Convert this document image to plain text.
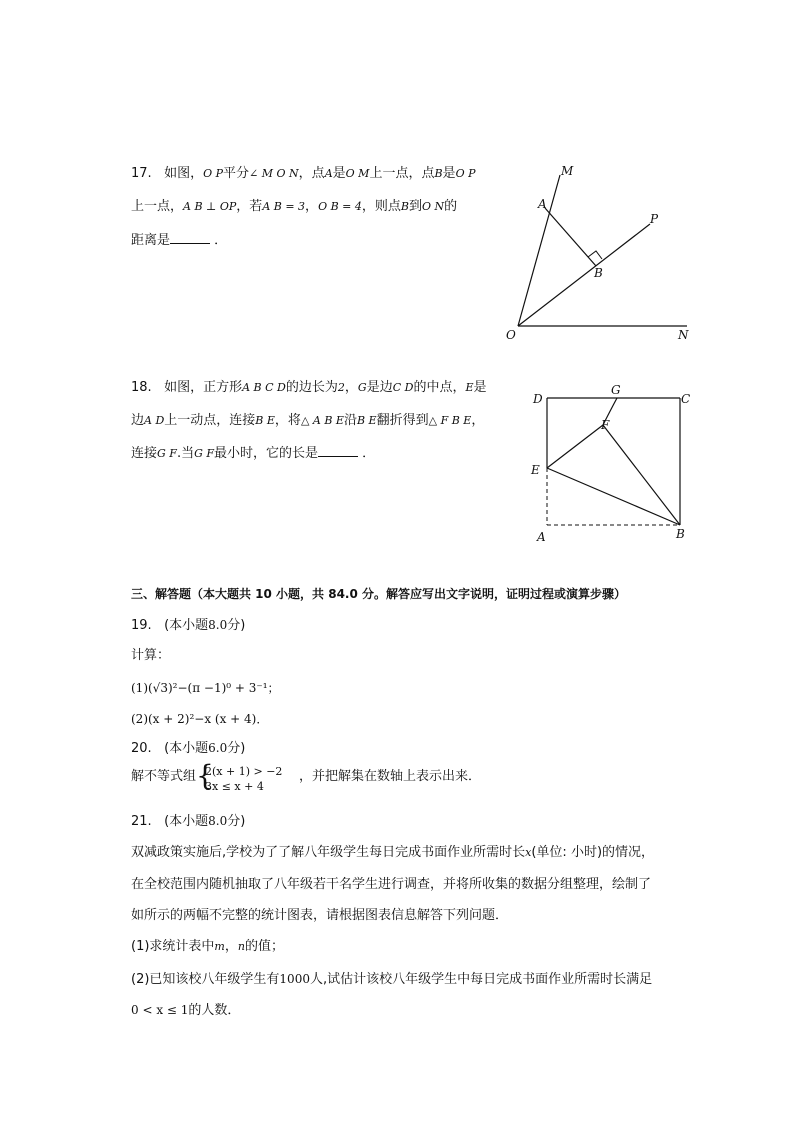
17. 如图，O P平分∠ M O N，点A是O M上一点，点B是O P
上一点，A B ⊥ OP，若A B = 3，O B = 4，则点B到O N的
距离是	．
M
A
P
B
O	N
18. 如图，正方形A B C D的边长为2，G是边C D的中点，E是
边A D上一动点，连接B E，将△ A B E沿B E翻折得到△ F B E，
连接G F.当G F最小时，它的长是	．
D
G
C
F
E
A	B
三、解答题（本大题共 10 小题，共 84.0 分。解答应写出文字说明，证明过程或演算步骤）
19. (本小题8.0分)
计算：
(1)(√3)²−(π −1)⁰ + 3⁻¹；
(2)(x + 2)²−x (x + 4)．
20. (本小题6.0分)
解不等式组 {
2(x + 1) > −2
3x ≤ x + 4
，并把解集在数轴上表示出来．
21. (本小题8.0分)
双减政策实施后,学校为了了解八年级学生每日完成书面作业所需时长x(单位: 小时)的情况，
在全校范围内随机抽取了八年级若干名学生进行调查，并将所收集的数据分组整理，绘制了
如所示的两幅不完整的统计图表，请根据图表信息解答下列问题．
(1)求统计表中m，n的值；
(2)已知该校八年级学生有1000人,试估计该校八年级学生中每日完成书面作业所需时长满足
0 < x ≤ 1的人数．
